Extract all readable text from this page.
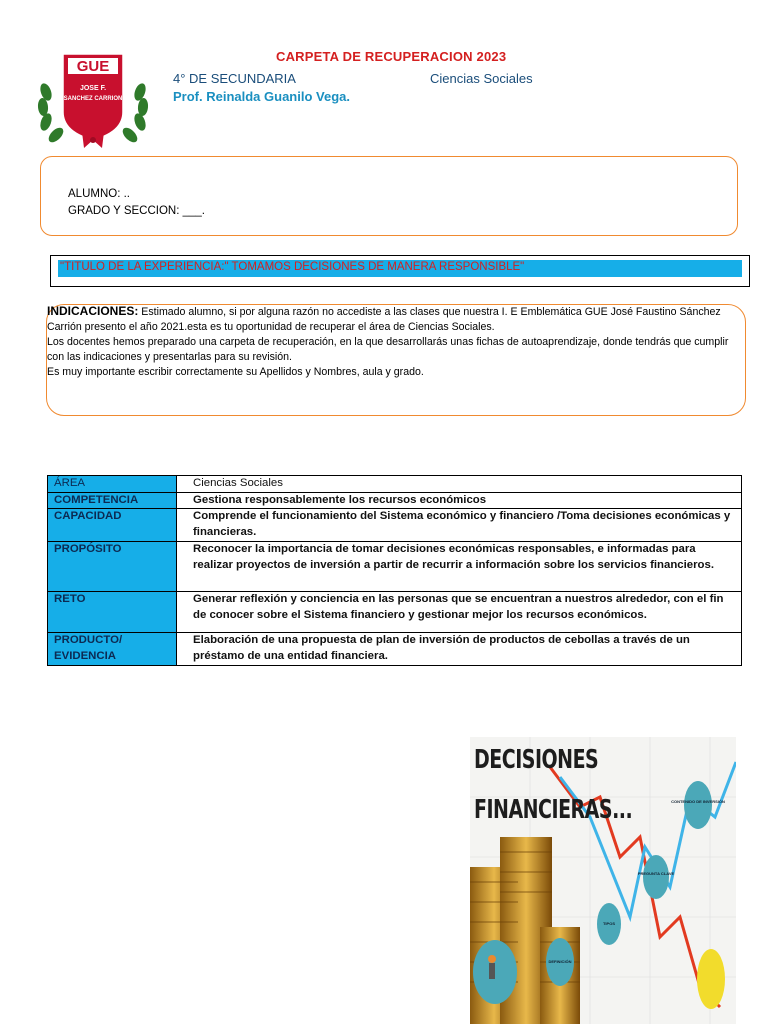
GUE
JOSE F.
SANCHEZ CARRION
CARPETA DE RECUPERACION 2023
4° DE SECUNDARIA	Ciencias Sociales
Prof. Reinalda Guanilo Vega.
ALUMNO: ..
GRADO Y SECCION: ___.
"TITULO DE LA EXPERIENCIA:" TOMAMOS DECISIONES DE MANERA RESPONSIBLE"
INDICACIONES: Estimado alumno, si por alguna razón no accediste a las clases que nuestra I. E Emblemática GUE José Faustino Sánchez Carrión presento el año 2021.esta es tu oportunidad de recuperar el área de Ciencias Sociales.
Los docentes hemos preparado una carpeta de recuperación, en la que desarrollarás unas fichas de autoaprendizaje, donde tendrás que cumplir con las indicaciones y presentarlas para su revisión.
Es muy importante escribir correctamente su Apellidos y Nombres, aula y grado.
ÁREA	Ciencias Sociales
COMPETENCIA	Gestiona responsablemente los recursos económicos
CAPACIDAD	Comprende el funcionamiento del Sistema económico y financiero /Toma decisiones económicas y financieras.
PROPÓSITO	Reconocer la importancia de tomar decisiones económicas responsables, e informadas para realizar proyectos de inversión a partir de recurrir a información sobre los servicios financieros.
RETO	Generar reflexión y conciencia en las personas que se encuentran a nuestros alrededor, con el fin de conocer sobre el Sistema financiero y gestionar mejor los recursos económicos.
PRODUCTO/ EVIDENCIA	Elaboración de una propuesta de plan de inversión de productos de cebollas a través de un préstamo de una entidad financiera.
CONTENIDO DE INVERSIÓN
PREGUNTA CLAVE
TIPOS
DEFINICIÓN
DECISIONES
FINANCIERAS...
